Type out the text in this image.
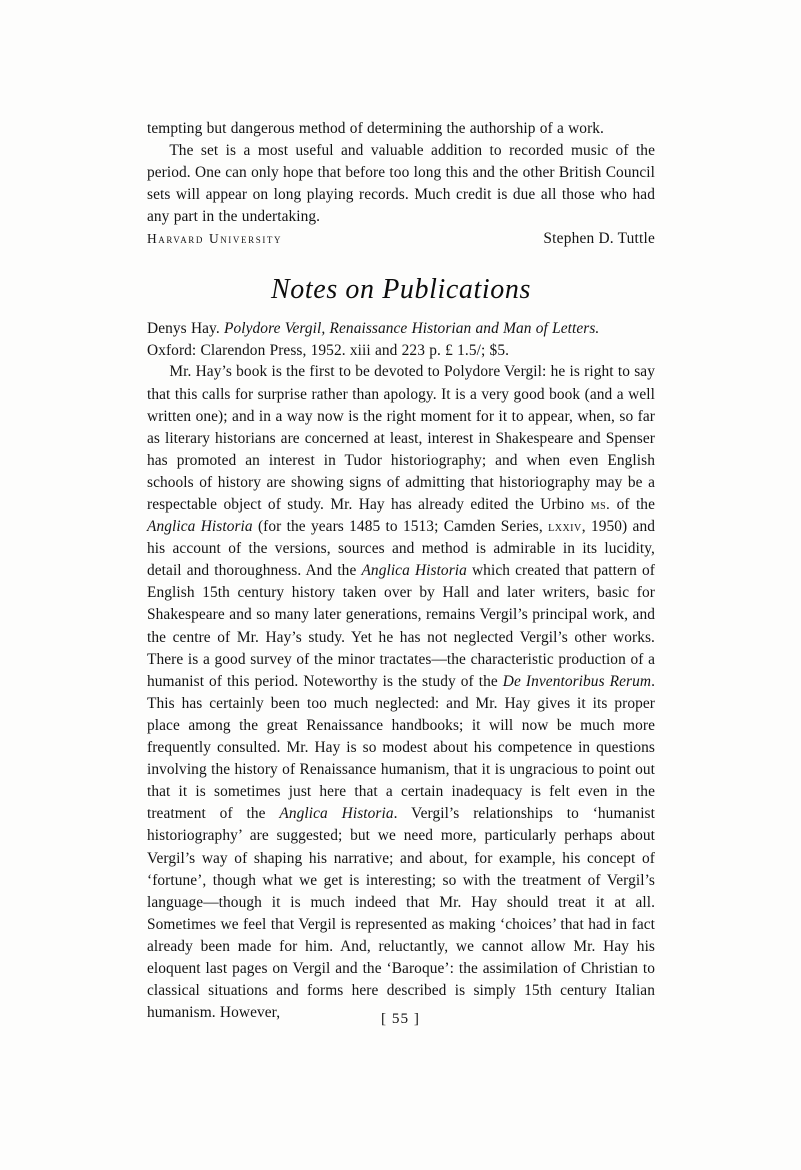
tempting but dangerous method of determining the authorship of a work.

The set is a most useful and valuable addition to recorded music of the period. One can only hope that before too long this and the other British Council sets will appear on long playing records. Much credit is due all those who had any part in the undertaking.

Harvard University	Stephen D. Tuttle
Notes on Publications

Denys Hay. Polydore Vergil, Renaissance Historian and Man of Letters.
Oxford: Clarendon Press, 1952. xiii and 223 p. £ 1.5/; $5.

Mr. Hay’s book is the first to be devoted to Polydore Vergil: he is right to say that this calls for surprise rather than apology. It is a very good book (and a well written one); and in a way now is the right moment for it to appear, when, so far as literary historians are concerned at least, interest in Shakespeare and Spenser has promoted an interest in Tudor historiography; and when even English schools of history are showing signs of admitting that historiography may be a respectable object of study. Mr. Hay has already edited the Urbino ms. of the Anglica Historia (for the years 1485 to 1513; Camden Series, lxxiv, 1950) and his account of the versions, sources and method is admirable in its lucidity, detail and thoroughness. And the Anglica Historia which created that pattern of English 15th century history taken over by Hall and later writers, basic for Shakespeare and so many later generations, remains Vergil’s principal work, and the centre of Mr. Hay’s study. Yet he has not neglected Vergil’s other works. There is a good survey of the minor tractates—the characteristic production of a humanist of this period. Noteworthy is the study of the De Inventoribus Rerum. This has certainly been too much neglected: and Mr. Hay gives it its proper place among the great Renaissance handbooks; it will now be much more frequently consulted. Mr. Hay is so modest about his competence in questions involving the history of Renaissance humanism, that it is ungracious to point out that it is sometimes just here that a certain inadequacy is felt even in the treatment of the Anglica Historia. Vergil’s relationships to ‘humanist historiography’ are suggested; but we need more, particularly perhaps about Vergil’s way of shaping his narrative; and about, for example, his concept of ‘fortune’, though what we get is interesting; so with the treatment of Vergil’s language—though it is much indeed that Mr. Hay should treat it at all. Sometimes we feel that Vergil is represented as making ‘choices’ that had in fact already been made for him. And, reluctantly, we cannot allow Mr. Hay his eloquent last pages on Vergil and the ‘Baroque’: the assimilation of Christian to classical situations and forms here described is simply 15th century Italian humanism. However,	[ 55 ]
